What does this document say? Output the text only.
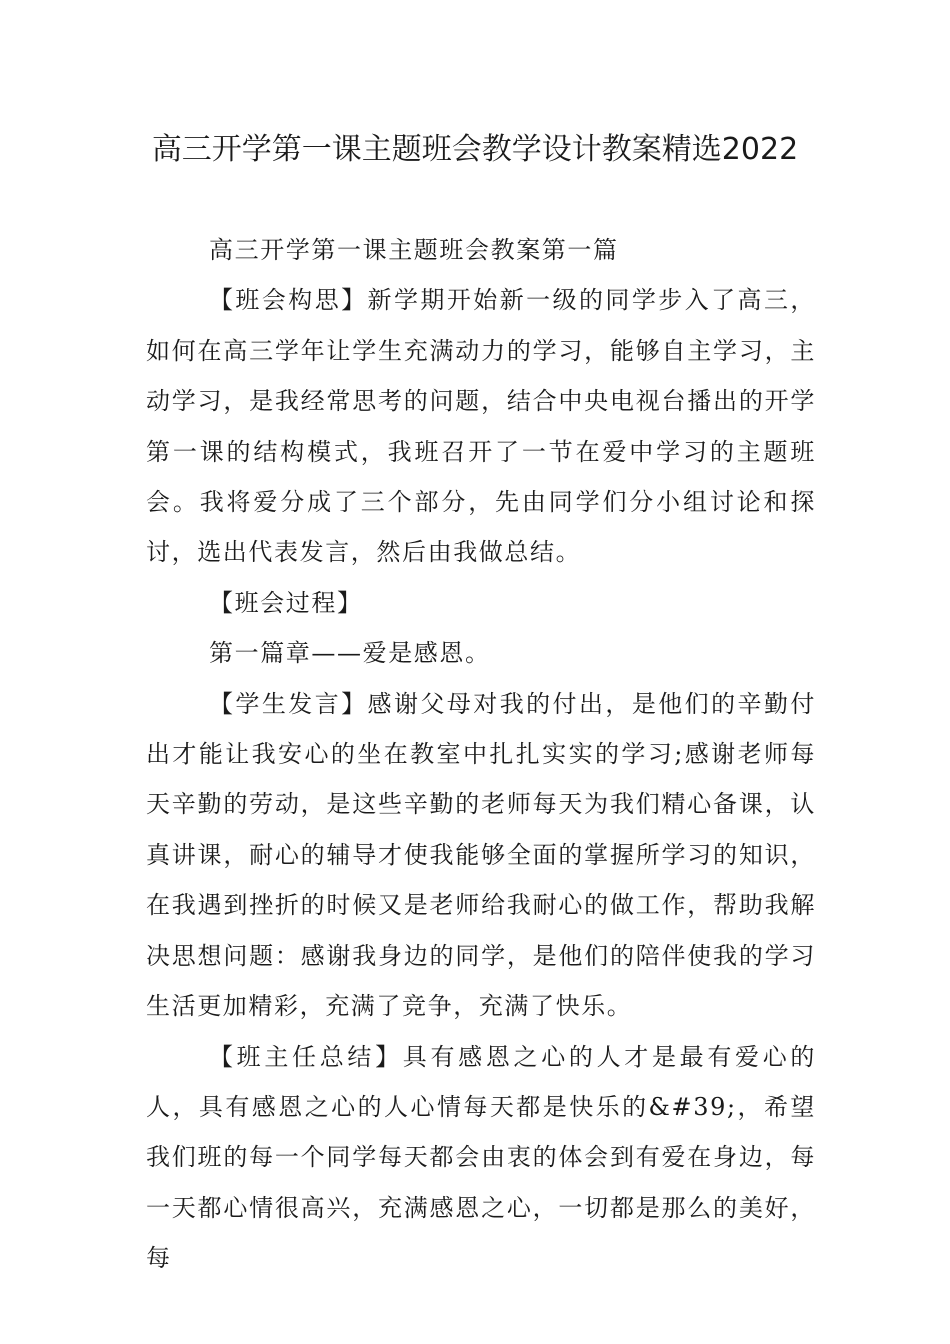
高三开学第一课主题班会教学设计教案精选2022

高三开学第一课主题班会教案第一篇

【班会构思】新学期开始新一级的同学步入了高三，如何在高三学年让学生充满动力的学习，能够自主学习，主动学习，是我经常思考的问题，结合中央电视台播出的开学第一课的结构模式，我班召开了一节在爱中学习的主题班会。我将爱分成了三个部分，先由同学们分小组讨论和探讨，选出代表发言，然后由我做总结。

【班会过程】

第一篇章——爱是感恩。

【学生发言】感谢父母对我的付出，是他们的辛勤付出才能让我安心的坐在教室中扎扎实实的学习;感谢老师每天辛勤的劳动，是这些辛勤的老师每天为我们精心备课，认真讲课，耐心的辅导才使我能够全面的掌握所学习的知识，在我遇到挫折的时候又是老师给我耐心的做工作，帮助我解决思想问题：感谢我身边的同学，是他们的陪伴使我的学习生活更加精彩，充满了竞争，充满了快乐。

【班主任总结】具有感恩之心的人才是最有爱心的人，具有感恩之心的人心情每天都是快乐的&#39;，希望我们班的每一个同学每天都会由衷的体会到有爱在身边，每一天都心情很高兴，充满感恩之心，一切都是那么的美好，每
